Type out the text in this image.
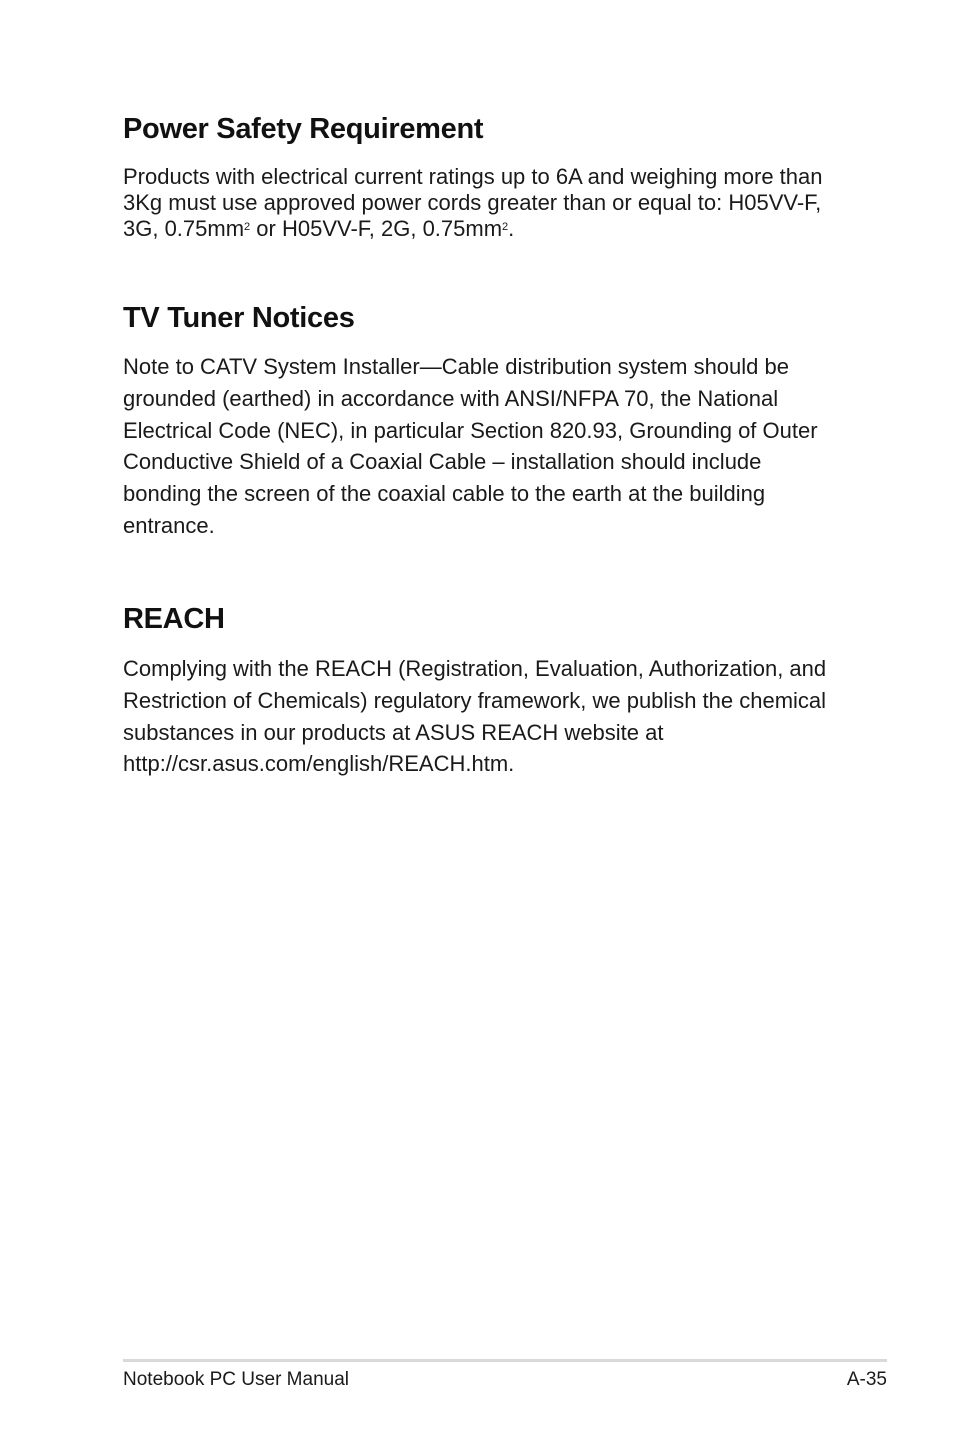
Power Safety Requirement

Products with electrical current ratings up to 6A and weighing more than 3Kg must use approved power cords greater than or equal to: H05VV-F, 3G, $0.75mm^2$ or H05VV-F, 2G, $0.75mm^2$.

TV Tuner Notices

Note to CATV System Installer—Cable distribution system should be grounded (earthed) in accordance with ANSI/NFPA 70, the National Electrical Code (NEC), in particular Section 820.93, Grounding of Outer Conductive Shield of a Coaxial Cable – installation should include bonding the screen of the coaxial cable to the earth at the building entrance.

REACH

Complying with the REACH (Registration, Evaluation, Authorization, and Restriction of Chemicals) regulatory framework, we publish the chemical substances in our products at ASUS REACH website at http://csr.asus.com/english/REACH.htm.

Notebook PC User Manual	A-35
